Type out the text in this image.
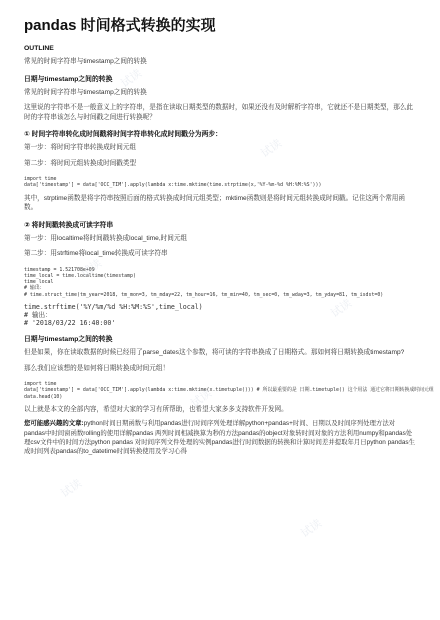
pandas 时间格式转换的实现
OUTLINE
常见的时间字符串与timestamp之间的转换
日期与timestamp之间的转换
常见的时间字符串与timestamp之间的转换
这里说的字符串不是一般意义上的字符串，是指在读取日期类型的数据时，如果还没有及时解析字符串，它就还不是日期类型，那么此时的字符串该怎么与时间戳之间进行转换呢？
① 时间字符串转化成时间戳将时间字符串转化成时间戳分为两步：
第一步：将时间字符串转换成时间元组
第二步：将时间元组转换成时间戳类型
import time
data['timestamp'] = data['OCC_TIM'].apply(lambda x:time.mktime(time.strptime(x,'%Y-%m-%d %H:%M:%S')))
其中，strptime函数是将字符串按照后面的格式转换成时间元组类型；mktime函数则是将时间元组转换成时间戳。记住这两个常用函数。
② 将时间戳转换成可读字符串
第一步：用localtime将时间戳转换成local_time,时间元组
第二步：用strftime将local_time转换成可读字符串
timestamp = 1.521708e+09
time_local = time.localtime(timestamp)
time_local
# 输出：
# time.struct_time(tm_year=2018, tm_mon=3, tm_mday=22, tm_hour=16, tm_min=40, tm_sec=0, tm_wday=3, tm_yday=81, tm_isdst=0)
time.strftime('%Y/%m/%d %H:%M:%S',time_local)
# 输出：
# '2018/03/22 16:40:00'
日期与timestamp之间的转换
但是如果，你在读取数据的时候已经用了parse_dates这个参数，将可读的字符串换成了日期格式。那如何将日期转换成timestamp?
那么我们应该想的是如何将日期转换成时间元组！
import time
data['timestamp'] = data['OCC_TIM'].apply(lambda x:time.mktime(x.timetuple())) # 所以最重要的是 日期.timetuple() 这个用法 通过它将日期转换成时间元组
data.head(10)
以上就是本文的全部内容，希望对大家的学习有所帮助，也希望大家多多支持软件开发网。
您可能感兴趣的文章:python时间日期函数与利用pandas进行时间序列处理详解python+pandas+时间、日期以及时间序列处理方法对pandas中时间窗函数rolling的使用详解pandas 两列时间相减换算为秒的方法pandas的object对象转时间对象的方法利用numpy和pandas处理csv文件中的时间方法python pandas 对时间序列文件处理的实例pandas进行时间数据的转换和计算时间差并提取年月日python pandas生成时间列表pandas的to_datetime时间转换使用及学习心得
试读
试读
试读
试读
试读
试读
试读
